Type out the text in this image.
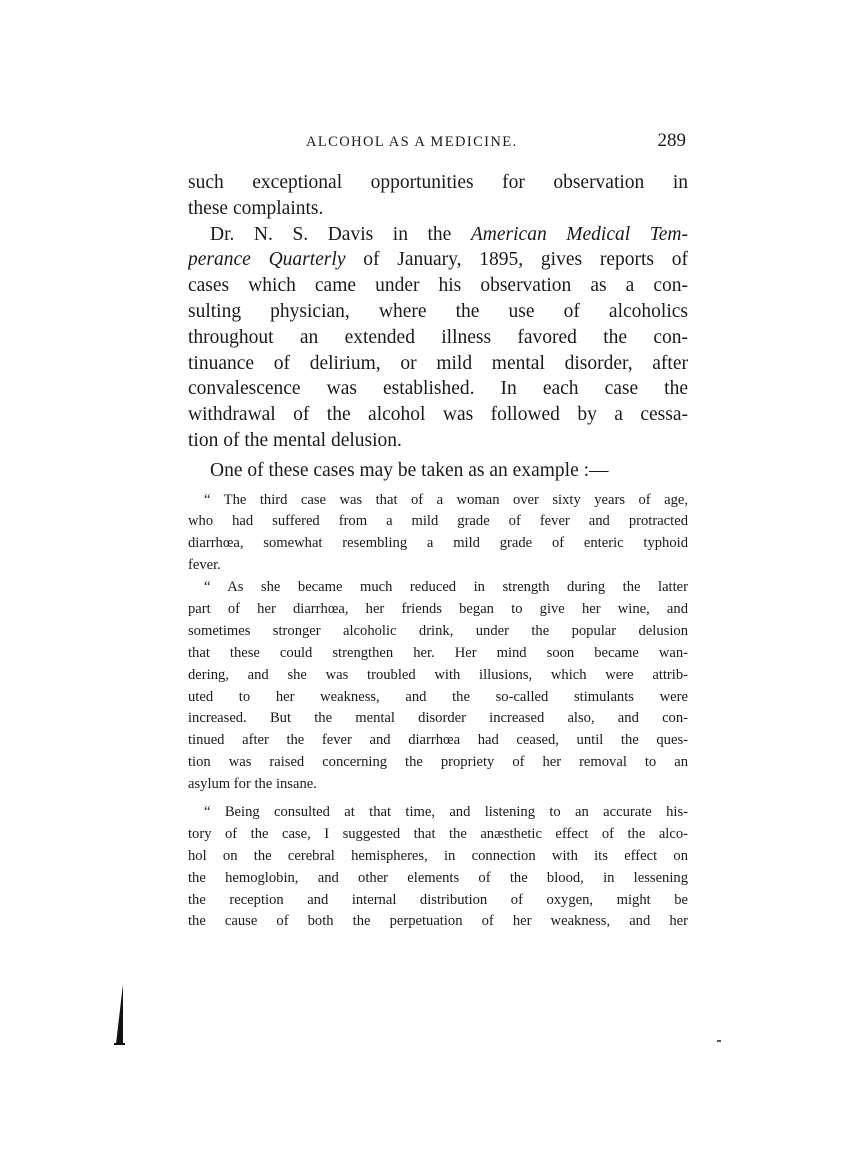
ALCOHOL AS A MEDICINE.	289
such exceptional opportunities for observation in
these complaints.
Dr. N. S. Davis in the American Medical Tem-
perance Quarterly of January, 1895, gives reports of
cases which came under his observation as a con-
sulting physician, where the use of alcoholics
throughout an extended illness favored the con-
tinuance of delirium, or mild mental disorder, after
convalescence was established. In each case the
withdrawal of the alcohol was followed by a cessa-
tion of the mental delusion.
One of these cases may be taken as an example :—
“ The third case was that of a woman over sixty years of age,
who had suffered from a mild grade of fever and protracted
diarrhœa, somewhat resembling a mild grade of enteric typhoid
fever.
“ As she became much reduced in strength during the latter
part of her diarrhœa, her friends began to give her wine, and
sometimes stronger alcoholic drink, under the popular delusion
that these could strengthen her. Her mind soon became wan-
dering, and she was troubled with illusions, which were attrib-
uted to her weakness, and the so-called stimulants were
increased. But the mental disorder increased also, and con-
tinued after the fever and diarrhœa had ceased, until the ques-
tion was raised concerning the propriety of her removal to an
asylum for the insane.
“ Being consulted at that time, and listening to an accurate his-
tory of the case, I suggested that the anæsthetic effect of the alco-
hol on the cerebral hemispheres, in connection with its effect on
the hemoglobin, and other elements of the blood, in lessening
the reception and internal distribution of oxygen, might be
the cause of both the perpetuation of her weakness, and her
